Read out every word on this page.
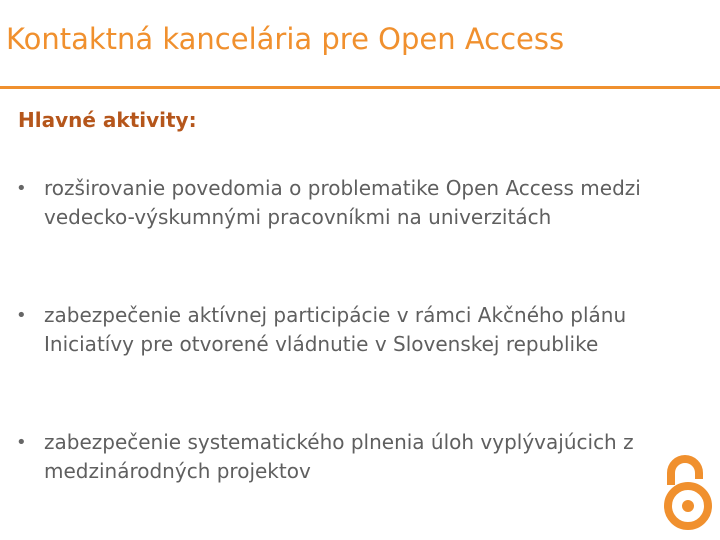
Kontaktná kancelária pre Open Access
Hlavné aktivity:
• rozširovanie povedomia o problematike Open Access medzi vedecko-výskumnými pracovníkmi na univerzitách
• zabezpečenie aktívnej participácie v rámci Akčného plánu Iniciatívy pre otvorené vládnutie v Slovenskej republike
• zabezpečenie systematického plnenia úloh vyplývajúcich z medzinárodných projektov
